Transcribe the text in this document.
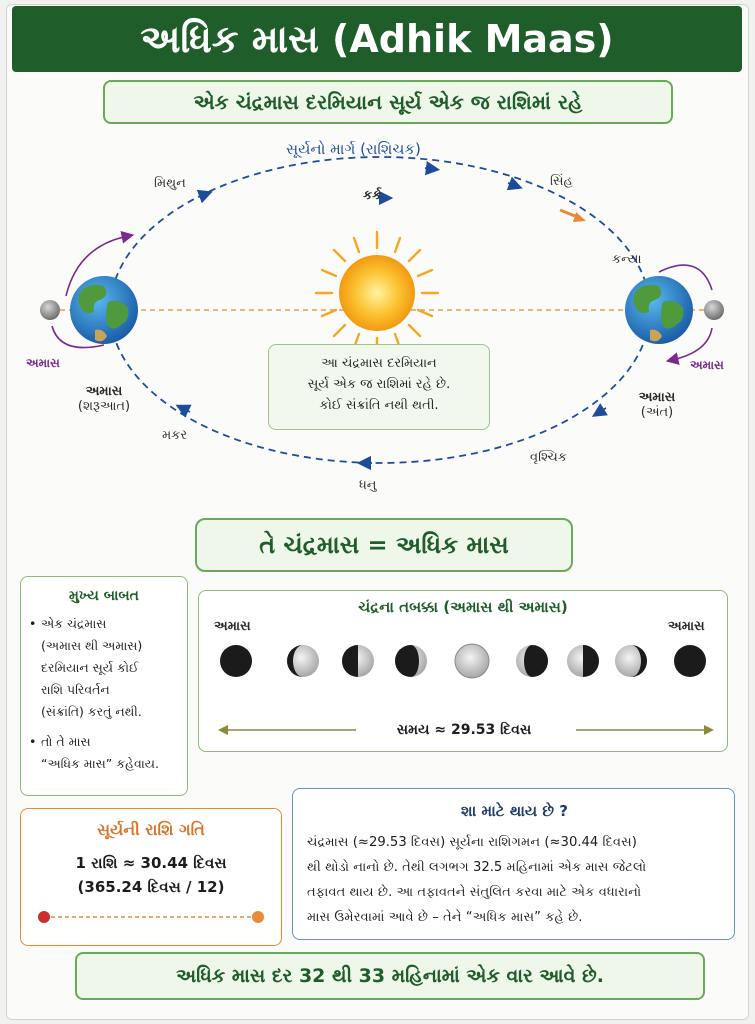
અધિક માસ (Adhik Maas)
એક ચંદ્રમાસ દરમિયાન સૂર્ય એક જ રાશિમાં રહે
સૂર્યનો માર્ગ (રાશિચક)
મિથુન
કર્ક
સિંહ
કન્યા
વૃશ્ચિક
ધનુ
મકર
અમાસ
અમાસ
(શરૂઆત)
અમાસ
અમાસ
(અંત)
આ ચંદ્રમાસ દરમિયાન
સૂર્ય એક જ રાશિમાં રહે છે.
કોઈ સંક્રાંતિ નથી થતી.
તે ચંદ્રમાસ = અધિક માસ
મુખ્ય બાબત
• એક ચંદ્રમાસ
(અમાસ થી અમાસ)
દરમિયાન સૂર્ય કોઈ
રાશિ પરિવર્તન
(સંક્રાંતિ) કરતું નથી.
• તો તે માસ
“અધિક માસ” કહેવાય.
ચંદ્રના તબક્કા (અમાસ થી અમાસ)
અમાસ	અમાસ
સમય ≈ 29.53 દિવસ
સૂર્યની રાશિ ગતિ
1 રાશિ ≈ 30.44 દિવસ
(365.24 દિવસ / 12)
શા માટે થાય છે ?
ચંદ્રમાસ (≈29.53 દિવસ) સૂર્યના રાશિગમન (≈30.44 દિવસ)
થી થોડો નાનો છે. તેથી લગભગ 32.5 મહિનામાં એક માસ જેટલો
તફાવત થાય છે. આ તફાવતને સંતુલિત કરવા માટે એક વધારાનો
માસ ઉમેરવામાં આવે છે – તેને “અધિક માસ” કહે છે.
અધિક માસ દર 32 થી 33 મહિનામાં એક વાર આવે છે.
